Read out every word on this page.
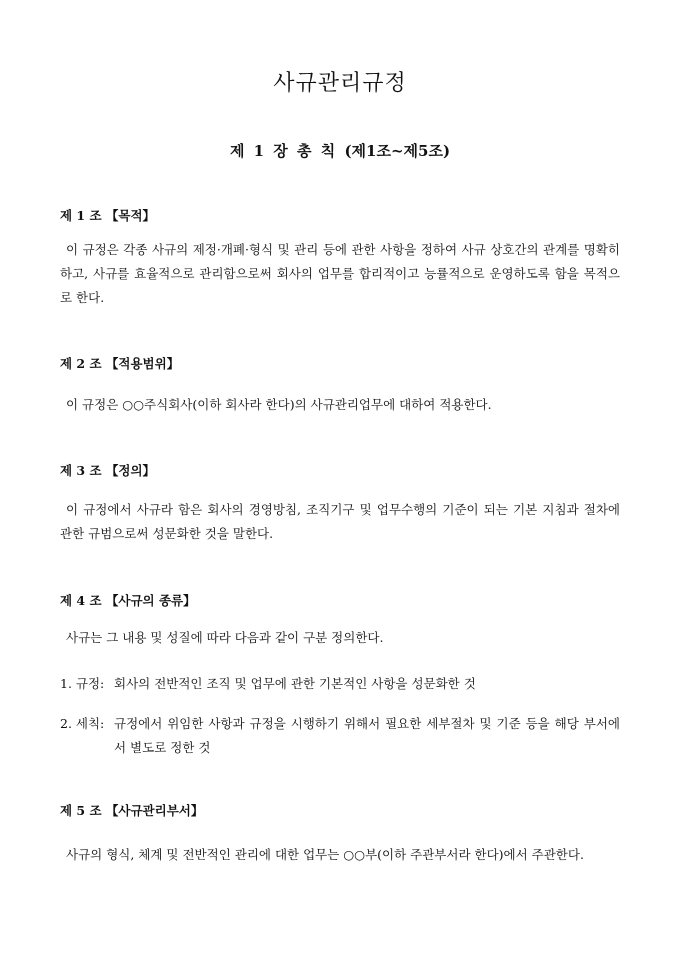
사규관리규정
제 1 장 총 칙 (제1조~제5조)

제 1 조 【목적】

이 규정은 각종 사규의 제정·개폐·형식 및 관리 등에 관한 사항을 정하여 사규 상호간의 관계를 명확히 하고, 사규를 효율적으로 관리함으로써 회사의 업무를 합리적이고 능률적으로 운영하도록 함을 목적으로 한다.

제 2 조 【적용범위】

이 규정은 ○○주식회사(이하 회사라 한다)의 사규관리업무에 대하여 적용한다.

제 3 조 【정의】

이 규정에서 사규라 함은 회사의 경영방침, 조직기구 및 업무수행의 기준이 되는 기본 지침과 절차에 관한 규범으로써 성문화한 것을 말한다.

제 4 조 【사규의 종류】

사규는 그 내용 및 성질에 따라 다음과 같이 구분 정의한다.

1. 규정: 회사의 전반적인 조직 및 업무에 관한 기본적인 사항을 성문화한 것
2. 세칙: 규정에서 위임한 사항과 규정을 시행하기 위해서 필요한 세부절차 및 기준 등을 해당 부서에서 별도로 정한 것

제 5 조 【사규관리부서】

사규의 형식, 체계 및 전반적인 관리에 대한 업무는 ○○부(이하 주관부서라 한다)에서 주관한다.
